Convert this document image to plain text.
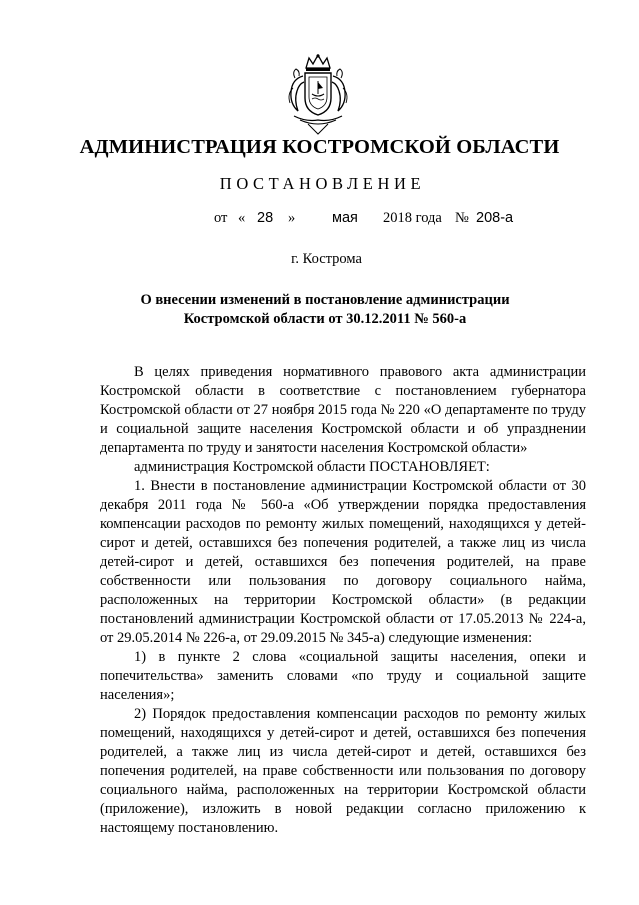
АДМИНИСТРАЦИЯ КОСТРОМСКОЙ ОБЛАСТИ
ПОСТАНОВЛЕНИЕ
от « 28 »	мая 2018 года № 208-а
г. Кострома
О внесении изменений в постановление администрации
Костромской области от 30.12.2011 № 560-а

В целях приведения нормативного правового акта администрации Костромской области в соответствие с постановлением губернатора Костромской области от 27 ноября 2015 года № 220 «О департаменте по труду и социальной защите населения Костромской области и об упразднении департамента по труду и занятости населения Костромской области»

администрация Костромской области ПОСТАНОВЛЯЕТ:

1. Внести в постановление администрации Костромской области от 30 декабря 2011 года № 560-а «Об утверждении порядка предоставления компенсации расходов по ремонту жилых помещений, находящихся у детей-сирот и детей, оставшихся без попечения родителей, а также лиц из числа детей-сирот и детей, оставшихся без попечения родителей, на праве собственности или пользования по договору социального найма, расположенных на территории Костромской области» (в редакции постановлений администрации Костромской области от 17.05.2013 № 224-а, от 29.05.2014 № 226-а, от 29.09.2015 № 345-а) следующие изменения:

1) в пункте 2 слова «социальной защиты населения, опеки и попечительства» заменить словами «по труду и социальной защите населения»;

2) Порядок предоставления компенсации расходов по ремонту жилых помещений, находящихся у детей-сирот и детей, оставшихся без попечения родителей, а также лиц из числа детей-сирот и детей, оставшихся без попечения родителей, на праве собственности или пользования по договору социального найма, расположенных на территории Костромской области (приложение), изложить в новой редакции согласно приложению к настоящему постановлению.
